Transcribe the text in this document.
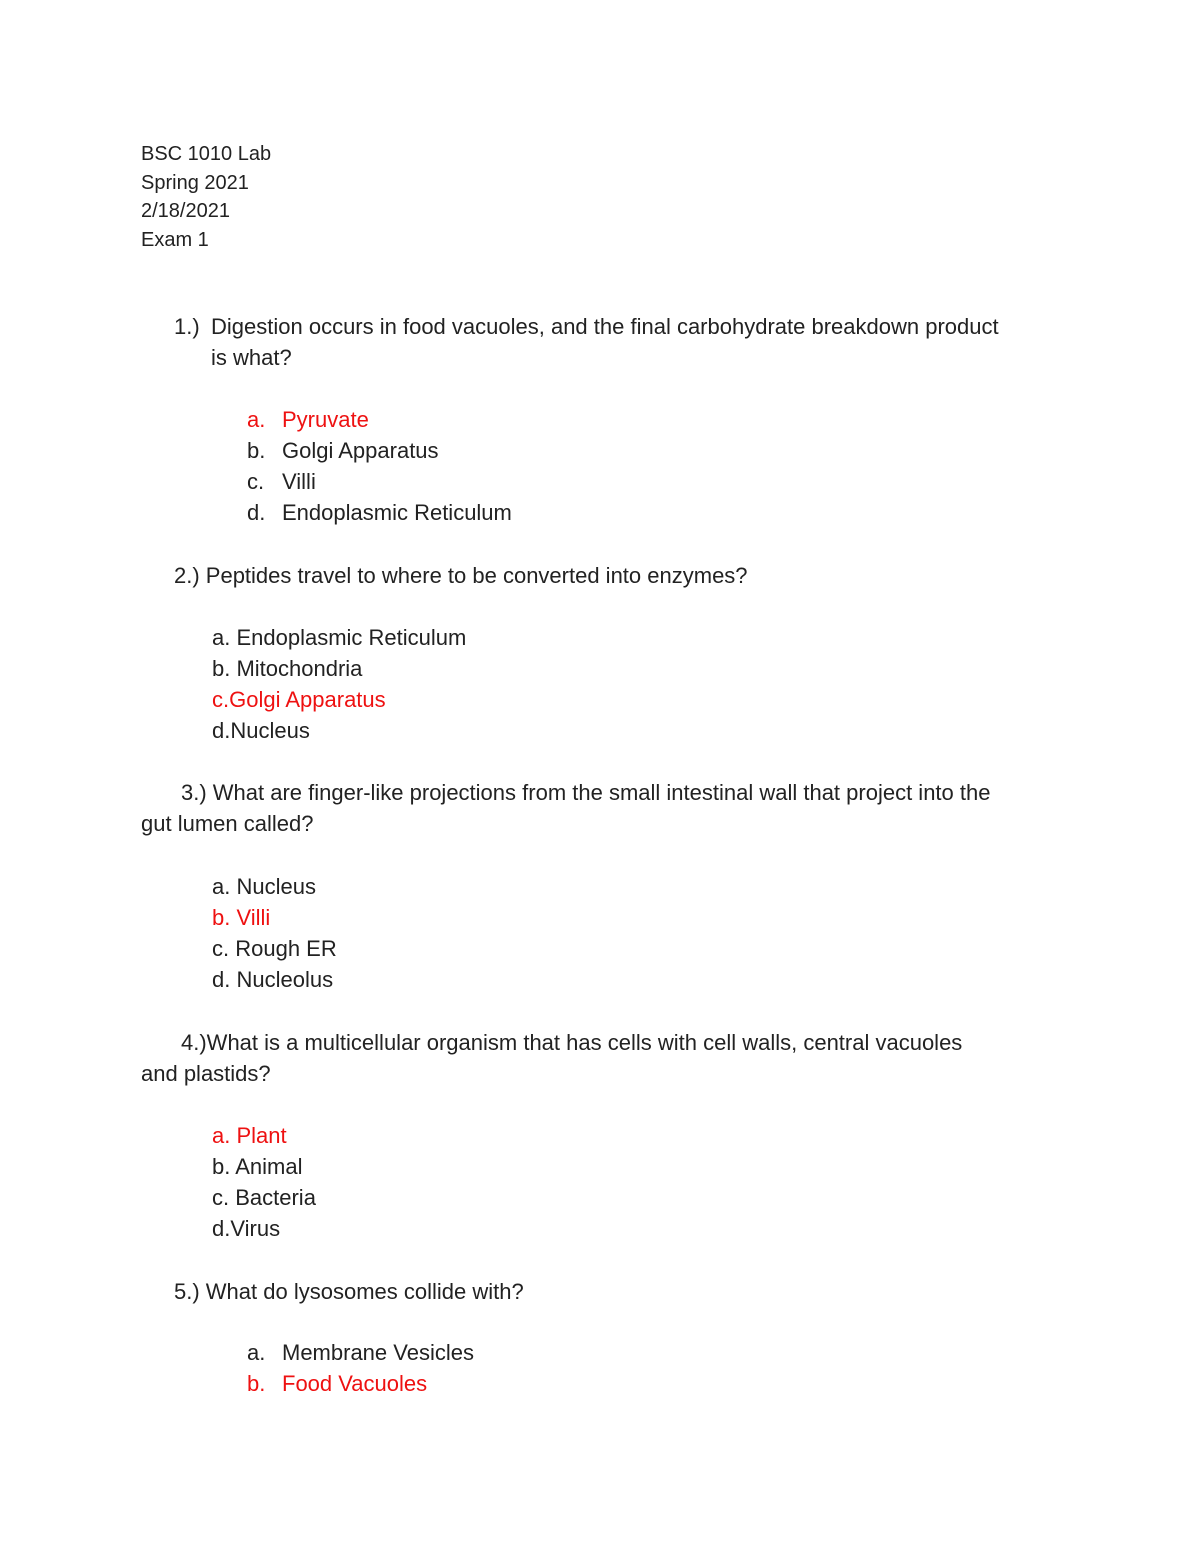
BSC 1010 Lab
Spring 2021
2/18/2021
Exam 1
1.) Digestion occurs in food vacuoles, and the final carbohydrate breakdown product
is what?
a. Pyruvate
b. Golgi Apparatus
c. Villi
d. Endoplasmic Reticulum
2.) Peptides travel to where to be converted into enzymes?
a. Endoplasmic Reticulum
b. Mitochondria
c.Golgi Apparatus
d.Nucleus
3.) What are finger-like projections from the small intestinal wall that project into the
gut lumen called?
a. Nucleus
b. Villi
c. Rough ER
d. Nucleolus
4.)What is a multicellular organism that has cells with cell walls, central vacuoles
and plastids?
a. Plant
b. Animal
c. Bacteria
d.Virus
5.) What do lysosomes collide with?
a. Membrane Vesicles
b. Food Vacuoles
